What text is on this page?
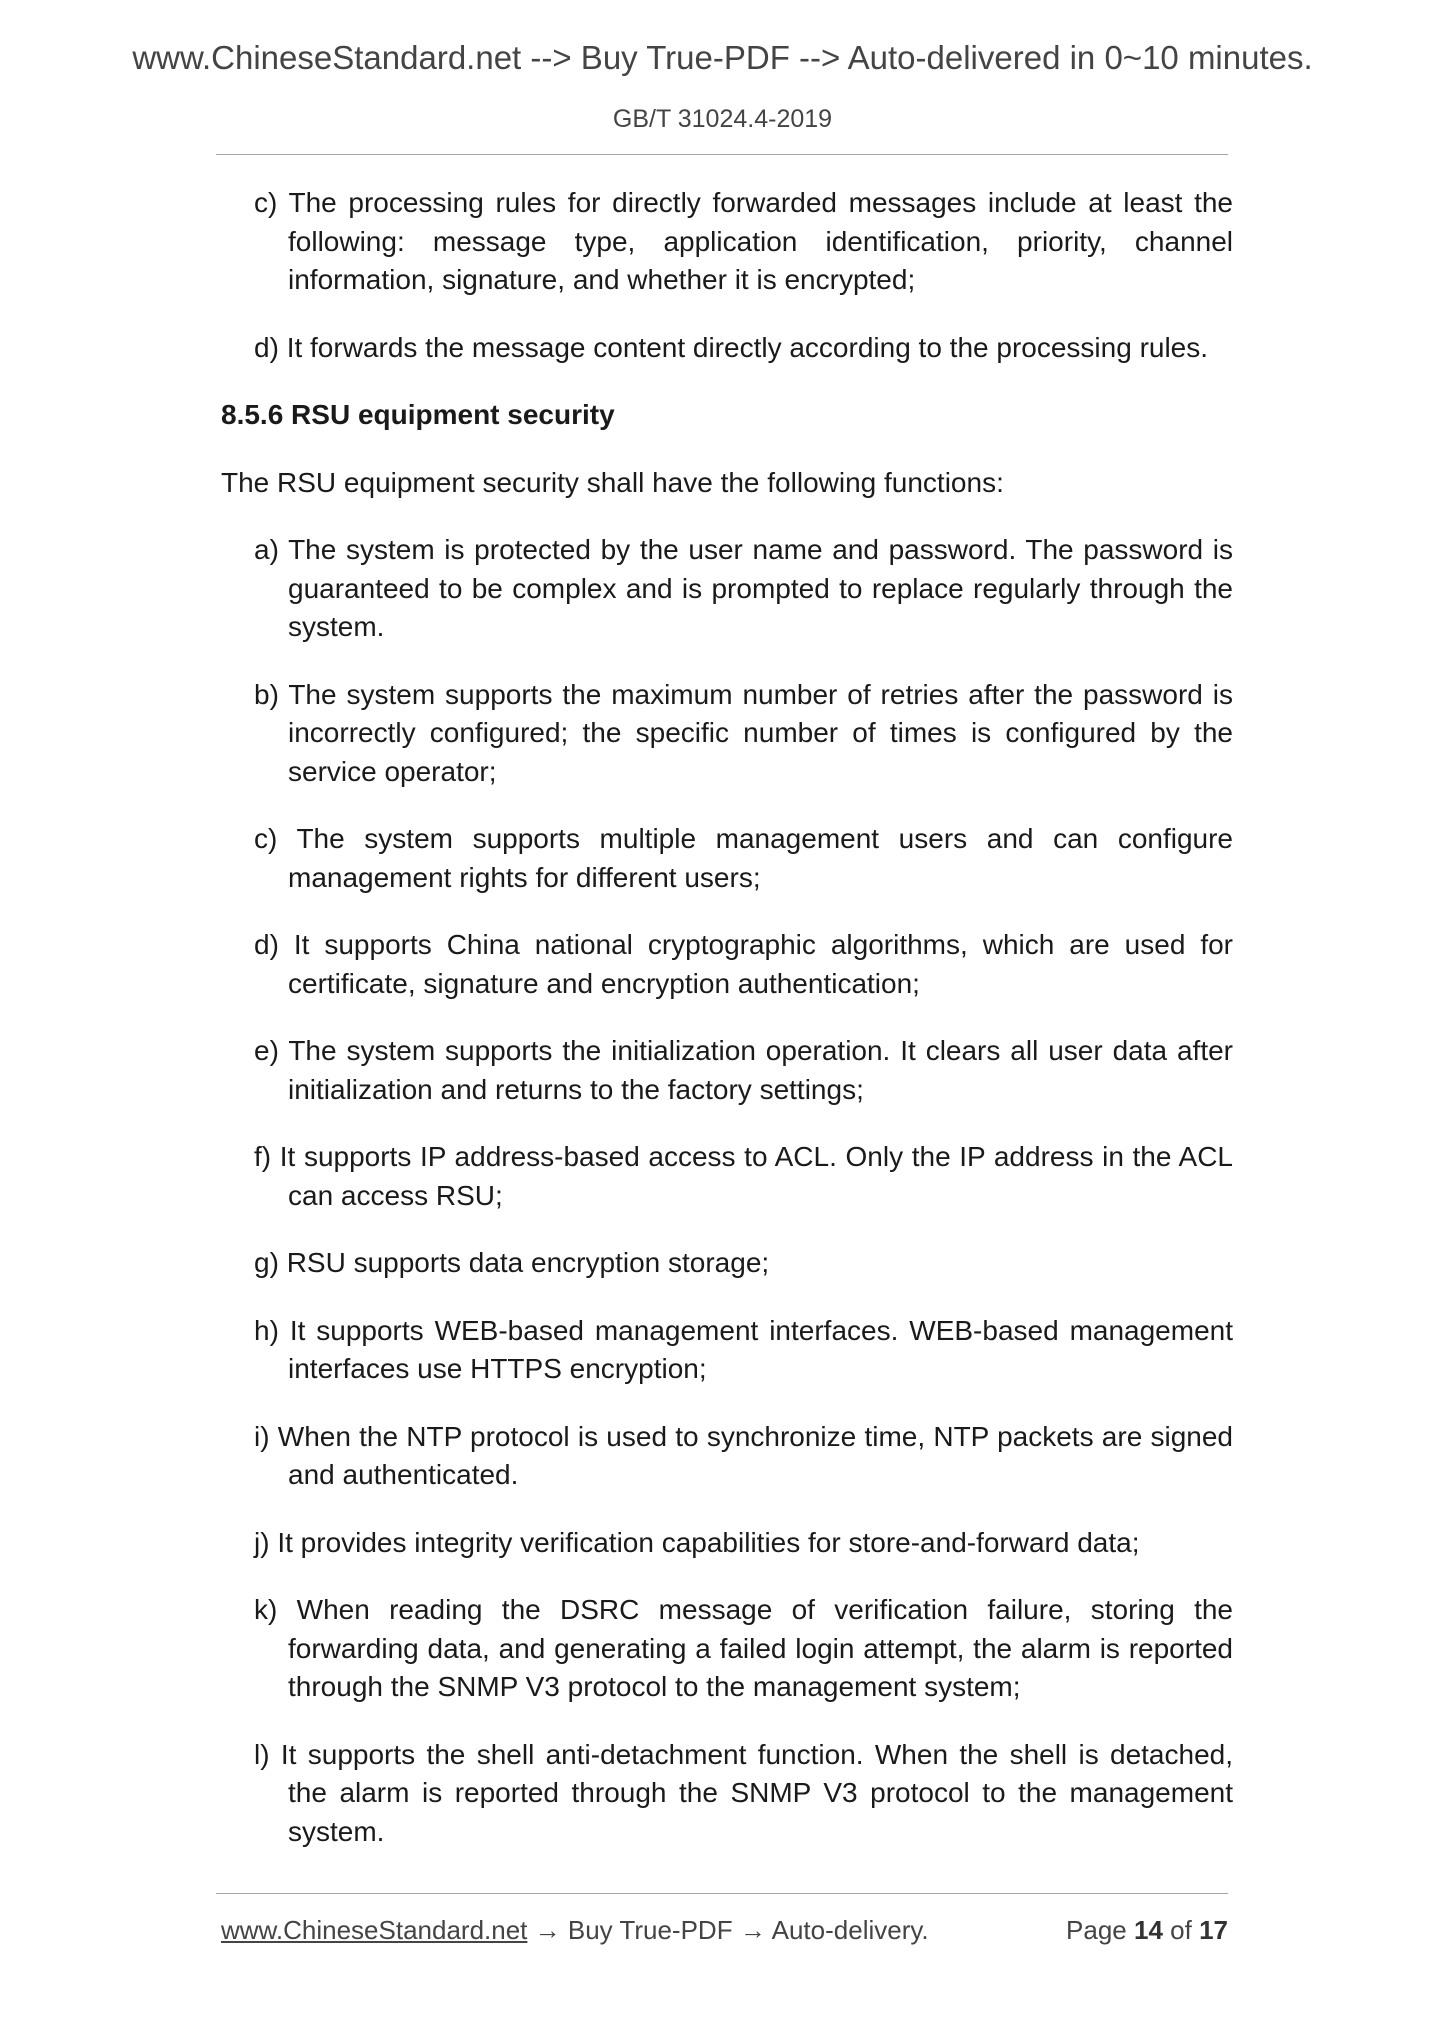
www.ChineseStandard.net --> Buy True-PDF --> Auto-delivered in 0~10 minutes.
GB/T 31024.4-2019
c) The processing rules for directly forwarded messages include at least the following: message type, application identification, priority, channel information, signature, and whether it is encrypted;
d) It forwards the message content directly according to the processing rules.
8.5.6 RSU equipment security
The RSU equipment security shall have the following functions:
a) The system is protected by the user name and password. The password is guaranteed to be complex and is prompted to replace regularly through the system.
b) The system supports the maximum number of retries after the password is incorrectly configured; the specific number of times is configured by the service operator;
c) The system supports multiple management users and can configure management rights for different users;
d) It supports China national cryptographic algorithms, which are used for certificate, signature and encryption authentication;
e) The system supports the initialization operation. It clears all user data after initialization and returns to the factory settings;
f) It supports IP address-based access to ACL. Only the IP address in the ACL can access RSU;
g) RSU supports data encryption storage;
h) It supports WEB-based management interfaces. WEB-based management interfaces use HTTPS encryption;
i) When the NTP protocol is used to synchronize time, NTP packets are signed and authenticated.
j) It provides integrity verification capabilities for store-and-forward data;
k) When reading the DSRC message of verification failure, storing the forwarding data, and generating a failed login attempt, the alarm is reported through the SNMP V3 protocol to the management system;
l) It supports the shell anti-detachment function. When the shell is detached, the alarm is reported through the SNMP V3 protocol to the management system.
www.ChineseStandard.net → Buy True-PDF → Auto-delivery.	Page 14 of 17
